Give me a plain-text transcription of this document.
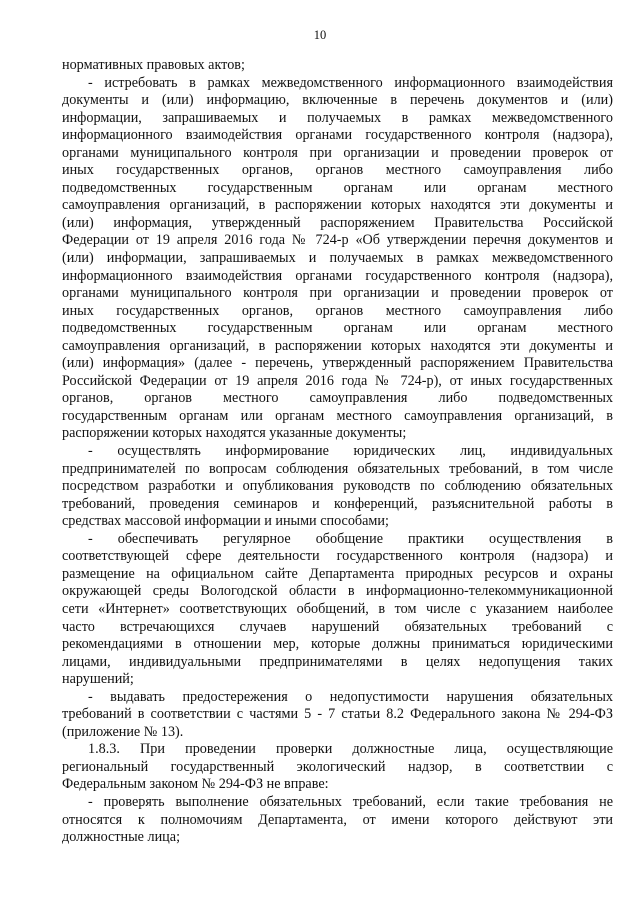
10
нормативных правовых актов;
- истребовать в рамках межведомственного информационного взаимодействия
документы и (или) информацию, включенные в перечень документов и (или)
информации, запрашиваемых и получаемых в рамках межведомственного
информационного взаимодействия органами государственного контроля (надзора),
органами муниципального контроля при организации и проведении проверок от
иных государственных органов, органов местного самоуправления либо
подведомственных государственным органам или органам местного
самоуправления организаций, в распоряжении которых находятся эти документы и
(или) информация, утвержденный распоряжением Правительства Российской
Федерации от 19 апреля 2016 года № 724-р «Об утверждении перечня документов и
(или) информации, запрашиваемых и получаемых в рамках межведомственного
информационного взаимодействия органами государственного контроля (надзора),
органами муниципального контроля при организации и проведении проверок от
иных государственных органов, органов местного самоуправления либо
подведомственных государственным органам или органам местного
самоуправления организаций, в распоряжении которых находятся эти документы и
(или) информация» (далее - перечень, утвержденный распоряжением Правительства
Российской Федерации от 19 апреля 2016 года № 724-р), от иных государственных
органов, органов местного самоуправления либо подведомственных
государственным органам или органам местного самоуправления организаций, в
распоряжении которых находятся указанные документы;
- осуществлять информирование юридических лиц, индивидуальных
предпринимателей по вопросам соблюдения обязательных требований, в том числе
посредством разработки и опубликования руководств по соблюдению обязательных
требований, проведения семинаров и конференций, разъяснительной работы в
средствах массовой информации и иными способами;
- обеспечивать регулярное обобщение практики осуществления в
соответствующей сфере деятельности государственного контроля (надзора) и
размещение на официальном сайте Департамента природных ресурсов и охраны
окружающей среды Вологодской области в информационно-телекоммуникационной
сети «Интернет» соответствующих обобщений, в том числе с указанием наиболее
часто встречающихся случаев нарушений обязательных требований с
рекомендациями в отношении мер, которые должны приниматься юридическими
лицами, индивидуальными предпринимателями в целях недопущения таких
нарушений;
- выдавать предостережения о недопустимости нарушения обязательных
требований в соответствии с частями 5 - 7 статьи 8.2 Федерального закона № 294-ФЗ
(приложение № 13).
1.8.3. При проведении проверки должностные лица, осуществляющие
региональный государственный экологический надзор, в соответствии с
Федеральным законом № 294-ФЗ не вправе:
- проверять выполнение обязательных требований, если такие требования не
относятся к полномочиям Департамента, от имени которого действуют эти
должностные лица;
